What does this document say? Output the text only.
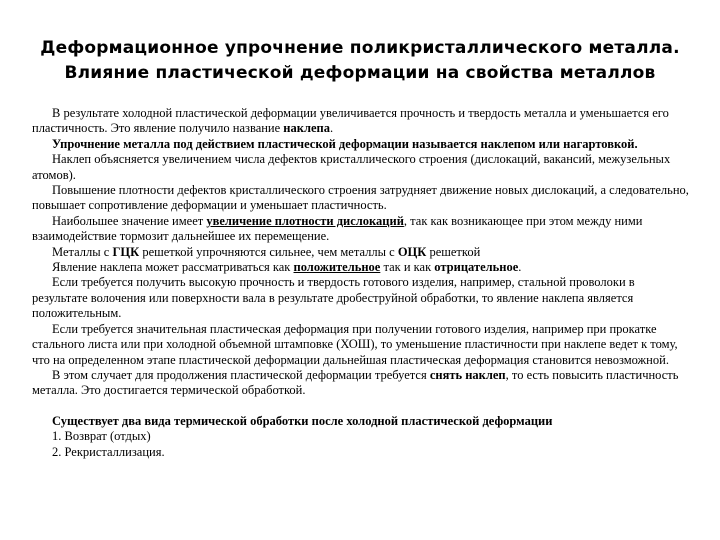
Деформационное упрочнение поликристаллического металла.
Влияние пластической деформации на свойства металлов

В результате холодной пластической деформации увеличивается прочность и твердость металла и уменьшается его пластичность. Это явление получило название наклепа.

Упрочнение металла под действием пластической деформации называется наклепом или нагартовкой.

Наклеп объясняется увеличением числа дефектов кристаллического строения (дислокаций, вакансий, межузельных атомов).

Повышение плотности дефектов кристаллического строения затрудняет движение новых дислокаций, а следовательно, повышает сопротивление деформации и уменьшает пластичность.

Наибольшее значение имеет увеличение плотности дислокаций, так как возникающее при этом между ними взаимодействие тормозит дальнейшее их перемещение.

Металлы с ГЦК решеткой упрочняются сильнее, чем металлы с ОЦК решеткой

Явление наклепа может рассматриваться как положительное так и как отрицательное.

Если требуется получить высокую прочность и твердость готового изделия, например, стальной проволоки в результате волочения или поверхности вала в результате дробеструйной обработки, то явление наклепа является положительным.

Если требуется значительная пластическая деформация при получении готового изделия, например при прокатке стального листа или при холодной объемной штамповке (ХОШ), то уменьшение пластичности при наклепе ведет к тому, что на определенном этапе пластической деформации дальнейшая пластическая деформация становится невозможной.

В этом случает для продолжения пластической деформации требуется снять наклеп, то есть повысить пластичность металла. Это достигается термической обработкой.

Существует два вида термической обработки после холодной пластической деформации

1. Возврат (отдых)

2. Рекристаллизация.
